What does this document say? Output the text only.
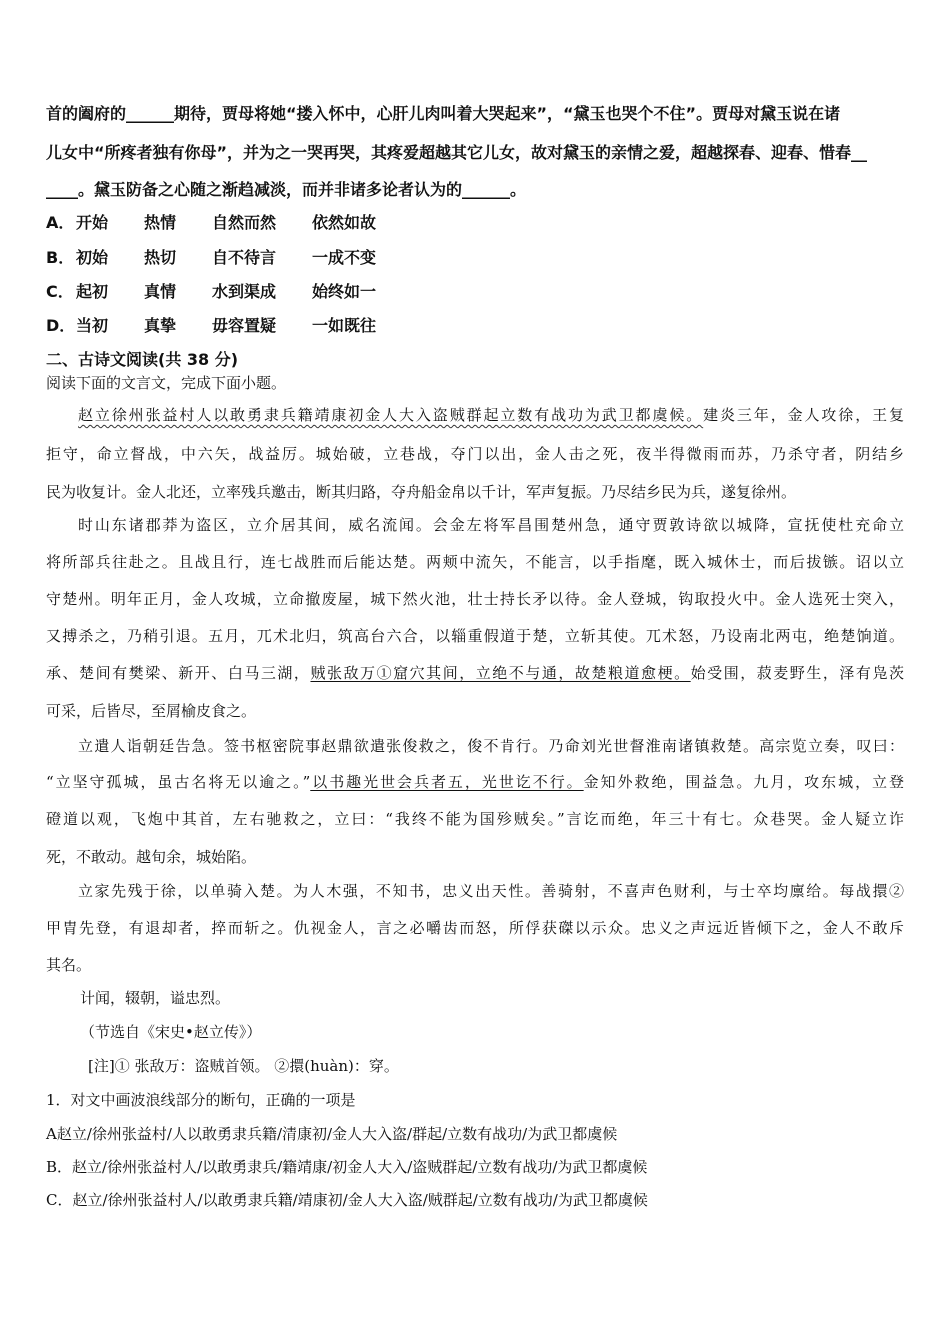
首的阖府的______期待，贾母将她“搂入怀中，心肝儿肉叫着大哭起来”，“黛玉也哭个不住”。贾母对黛玉说在诸
儿女中“所疼者独有你母”，并为之一哭再哭，其疼爱超越其它儿女，故对黛玉的亲情之爱，超越探春、迎春、惜春__
____。黛玉防备之心随之渐趋减淡，而并非诸多论者认为的______。
A． 开始 热情 自然而然 依然如故
B． 初始 热切 自不待言 一成不变
C． 起初 真情 水到渠成 始终如一
D．当初 真挚 毋容置疑 一如既往
二、古诗文阅读(共 38 分)
阅读下面的文言文，完成下面小题。
赵立徐州张益村人以敢勇隶兵籍靖康初金人大入盗贼群起立数有战功为武卫都虞候。建炎三年，金人攻徐，王复
拒守，命立督战，中六矢，战益厉。城始破，立巷战，夺门以出，金人击之死，夜半得微雨而苏，乃杀守者，阴结乡
民为收复计。金人北还，立率残兵邀击，断其归路，夺舟船金帛以千计，军声复振。乃尽结乡民为兵，遂复徐州。
时山东诸郡莽为盗区，立介居其间，威名流闻。会金左将军昌围楚州急，通守贾敦诗欲以城降，宣抚使杜充命立
将所部兵往赴之。且战且行，连七战胜而后能达楚。两颊中流矢，不能言，以手指麾，既入城休士，而后拔镞。诏以立
守楚州。明年正月，金人攻城，立命撤废屋，城下然火池，壮士持长矛以待。金人登城，钩取投火中。金人选死士突入，
又搏杀之，乃稍引退。五月，兀术北归，筑高台六合，以辎重假道于楚，立斩其使。兀术怒，乃设南北两屯，绝楚饷道。
承、楚间有樊梁、新开、白马三湖，贼张敌万①窟穴其间，立绝不与通，故楚粮道愈梗。始受围，菽麦野生，泽有凫茨
可采，后皆尽，至屑榆皮食之。
立遣人诣朝廷告急。签书枢密院事赵鼎欲遣张俊救之，俊不肯行。乃命刘光世督淮南诸镇救楚。高宗览立奏，叹曰：
“立坚守孤城，虽古名将无以逾之。”以书趣光世会兵者五，光世讫不行。金知外救绝，围益急。九月，攻东城，立登
磴道以观，飞炮中其首，左右驰救之，立曰：“我终不能为国殄贼矣。”言讫而绝，年三十有七。众巷哭。金人疑立诈
死，不敢动。越旬余，城始陷。
立家先残于徐，以单骑入楚。为人木强，不知书，忠义出天性。善骑射，不喜声色财利，与士卒均廪给。每战擐②
甲胄先登，有退却者，捽而斩之。仇视金人，言之必嚼齿而怒，所俘获磔以示众。忠义之声远近皆倾下之，金人不敢斥
其名。
计闻，辍朝，谥忠烈。
（节选自《宋史•赵立传》）
[注]① 张敌万：盗贼首领。 ②擐(huàn)：穿。
1．对文中画波浪线部分的断句，正确的一项是
A赵立/徐州张益村/人以敢勇隶兵籍/清康初/金人大入盗/群起/立数有战功/为武卫都虞候
B．赵立/徐州张益村人/以敢勇隶兵/籍靖康/初金人大入/盗贼群起/立数有战功/为武卫都虞候
C．赵立/徐州张益村人/以敢勇隶兵籍/靖康初/金人大入盗/贼群起/立数有战功/为武卫都虞候
